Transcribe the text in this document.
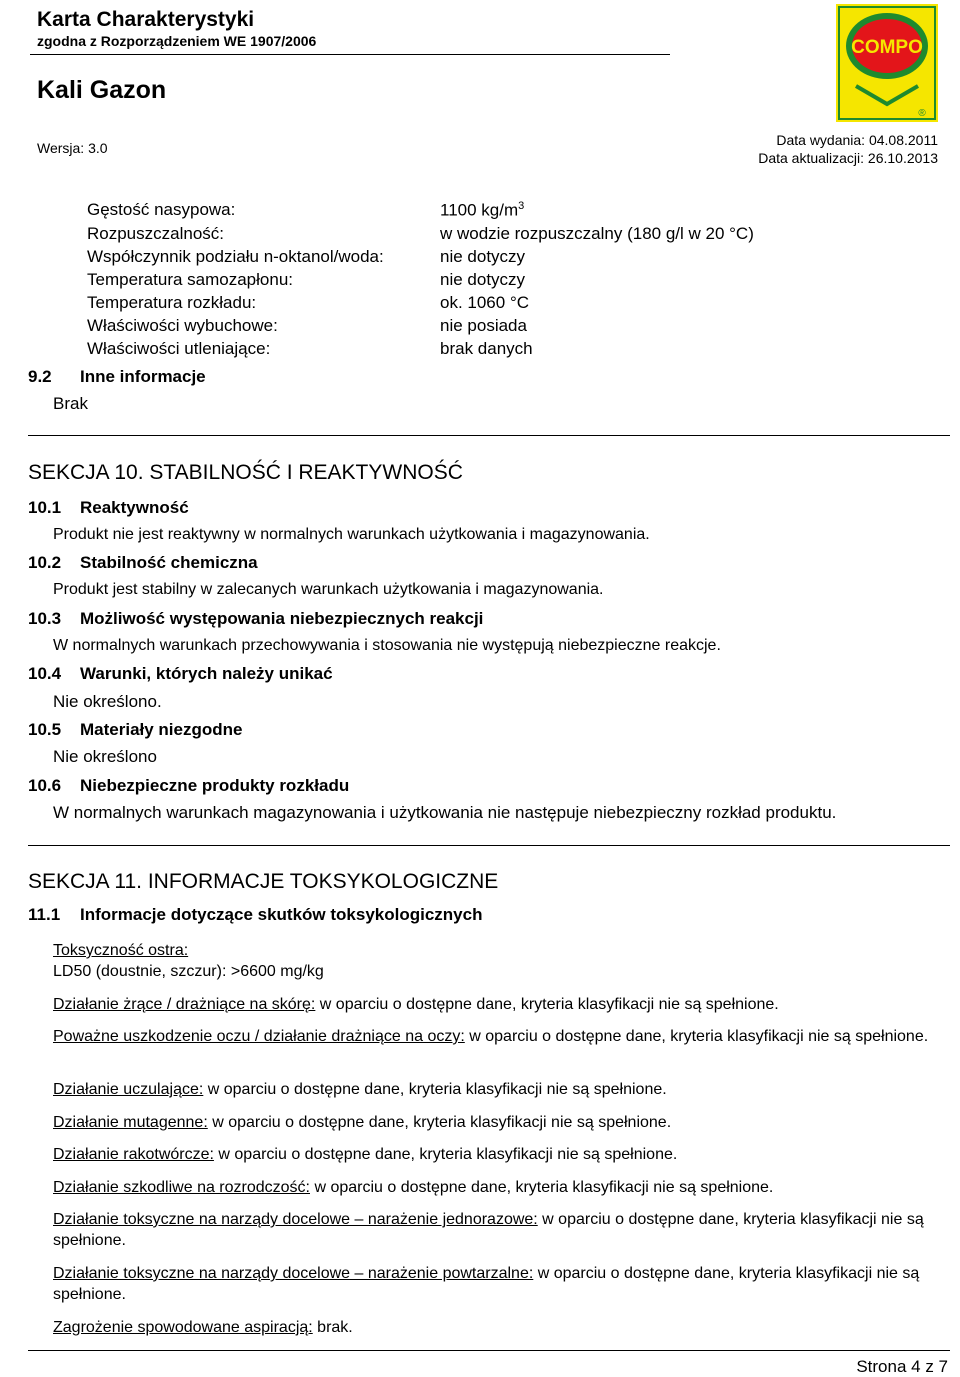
Karta Charakterystyki
zgodna z Rozporządzeniem WE 1907/2006
Kali Gazon
Wersja: 3.0	Data wydania: 04.08.2011
Data aktualizacji: 26.10.2013
COMPO
®
Gęstość nasypowa:	1100 $kg/m^3$
Rozpuszczalność:	w wodzie rozpuszczalny (180 g/l w 20 °C)
Współczynnik podziału n-oktanol/woda:	nie dotyczy
Temperatura samozapłonu:	nie dotyczy
Temperatura rozkładu:	ok. 1060 °C
Właściwości wybuchowe:	nie posiada
Właściwości utleniające:	brak danych
9.2 Inne informacje
Brak
SEKCJA 10. STABILNOŚĆ I REAKTYWNOŚĆ
10.1 Reaktywność
Produkt nie jest reaktywny w normalnych warunkach użytkowania i magazynowania.
10.2 Stabilność chemiczna
Produkt jest stabilny w zalecanych warunkach użytkowania i magazynowania.
10.3 Możliwość występowania niebezpiecznych reakcji
W normalnych warunkach przechowywania i stosowania nie występują niebezpieczne reakcje.
10.4 Warunki, których należy unikać
Nie określono.
10.5 Materiały niezgodne
Nie określono
10.6 Niebezpieczne produkty rozkładu
W normalnych warunkach magazynowania i użytkowania nie następuje niebezpieczny rozkład produktu.
SEKCJA 11. INFORMACJE TOKSYKOLOGICZNE
11.1 Informacje dotyczące skutków toksykologicznych
Toksyczność ostra:
LD50 (doustnie, szczur): >6600 mg/kg
Działanie żrące / drażniące na skórę: w oparciu o dostępne dane, kryteria klasyfikacji nie są spełnione.
Poważne uszkodzenie oczu / działanie drażniące na oczy: w oparciu o dostępne dane, kryteria klasyfikacji nie są spełnione.
Działanie uczulające: w oparciu o dostępne dane, kryteria klasyfikacji nie są spełnione.
Działanie mutagenne: w oparciu o dostępne dane, kryteria klasyfikacji nie są spełnione.
Działanie rakotwórcze: w oparciu o dostępne dane, kryteria klasyfikacji nie są spełnione.
Działanie szkodliwe na rozrodczość: w oparciu o dostępne dane, kryteria klasyfikacji nie są spełnione.
Działanie toksyczne na narządy docelowe – narażenie jednorazowe: w oparciu o dostępne dane, kryteria klasyfikacji nie są spełnione.
Działanie toksyczne na narządy docelowe – narażenie powtarzalne: w oparciu o dostępne dane, kryteria klasyfikacji nie są spełnione.
Zagrożenie spowodowane aspiracją: brak.
Strona 4 z 7
